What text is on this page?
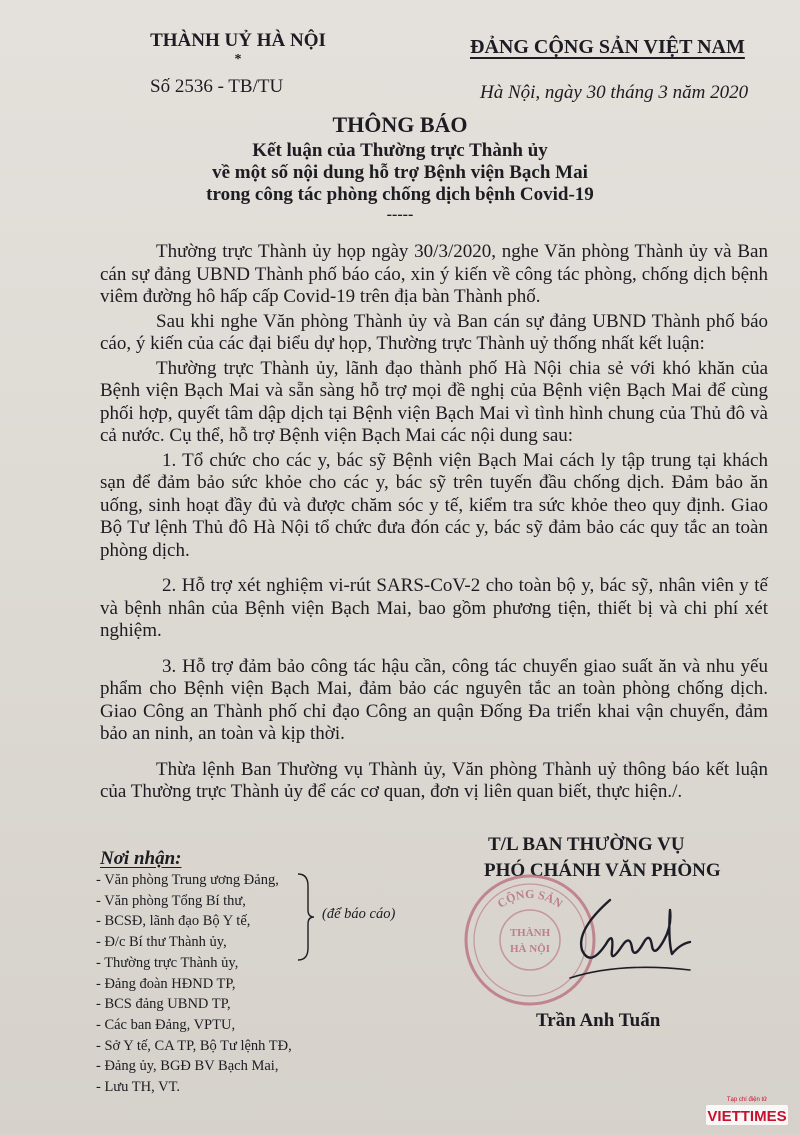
THÀNH UỶ HÀ NỘI
*
Số 2536 - TB/TU
ĐẢNG CỘNG SẢN VIỆT NAM
Hà Nội, ngày 30 tháng 3 năm 2020
THÔNG BÁO
Kết luận của Thường trực Thành ủy
về một số nội dung hỗ trợ Bệnh viện Bạch Mai
trong công tác phòng chống dịch bệnh Covid-19
-----

Thường trực Thành ủy họp ngày 30/3/2020, nghe Văn phòng Thành ủy và Ban cán sự đảng UBND Thành phố báo cáo, xin ý kiến về công tác phòng, chống dịch bệnh viêm đường hô hấp cấp Covid-19 trên địa bàn Thành phố.

Sau khi nghe Văn phòng Thành ủy và Ban cán sự đảng UBND Thành phố báo cáo, ý kiến của các đại biểu dự họp, Thường trực Thành uỷ thống nhất kết luận:

Thường trực Thành ủy, lãnh đạo thành phố Hà Nội chia sẻ với khó khăn của Bệnh viện Bạch Mai và sẵn sàng hỗ trợ mọi đề nghị của Bệnh viện Bạch Mai để cùng phối hợp, quyết tâm dập dịch tại Bệnh viện Bạch Mai vì tình hình chung của Thủ đô và cả nước. Cụ thể, hỗ trợ Bệnh viện Bạch Mai các nội dung sau:

1. Tổ chức cho các y, bác sỹ Bệnh viện Bạch Mai cách ly tập trung tại khách sạn để đảm bảo sức khỏe cho các y, bác sỹ trên tuyến đầu chống dịch. Đảm bảo ăn uống, sinh hoạt đầy đủ và được chăm sóc y tế, kiểm tra sức khỏe theo quy định. Giao Bộ Tư lệnh Thủ đô Hà Nội tổ chức đưa đón các y, bác sỹ đảm bảo các quy tắc an toàn phòng dịch.

2. Hỗ trợ xét nghiệm vi-rút SARS-CoV-2 cho toàn bộ y, bác sỹ, nhân viên y tế và bệnh nhân của Bệnh viện Bạch Mai, bao gồm phương tiện, thiết bị và chi phí xét nghiệm.

3. Hỗ trợ đảm bảo công tác hậu cần, công tác chuyển giao suất ăn và nhu yếu phẩm cho Bệnh viện Bạch Mai, đảm bảo các nguyên tắc an toàn phòng chống dịch. Giao Công an Thành phố chỉ đạo Công an quận Đống Đa triển khai vận chuyển, đảm bảo an ninh, an toàn và kịp thời.

Thừa lệnh Ban Thường vụ Thành ủy, Văn phòng Thành uỷ thông báo kết luận của Thường trực Thành ủy để các cơ quan, đơn vị liên quan biết, thực hiện./.

Nơi nhận:
- Văn phòng Trung ương Đảng,
- Văn phòng Tổng Bí thư,
- BCSĐ, lãnh đạo Bộ Y tế,
- Đ/c Bí thư Thành ủy,
- Thường trực Thành ủy,
- Đảng đoàn HĐND TP,
- BCS đảng UBND TP,
- Các ban Đảng, VPTU,
- Sở Y tế, CA TP, Bộ Tư lệnh TĐ,
- Đảng ủy, BGĐ BV Bạch Mai,
- Lưu TH, VT.
(để báo cáo)
T/L BAN THƯỜNG VỤ
PHÓ CHÁNH VĂN PHÒNG
CỘNG SẢN
THÀNH
HÀ NỘI
Trần Anh Tuấn
Tạp chí điện tử
VIETTIMES
